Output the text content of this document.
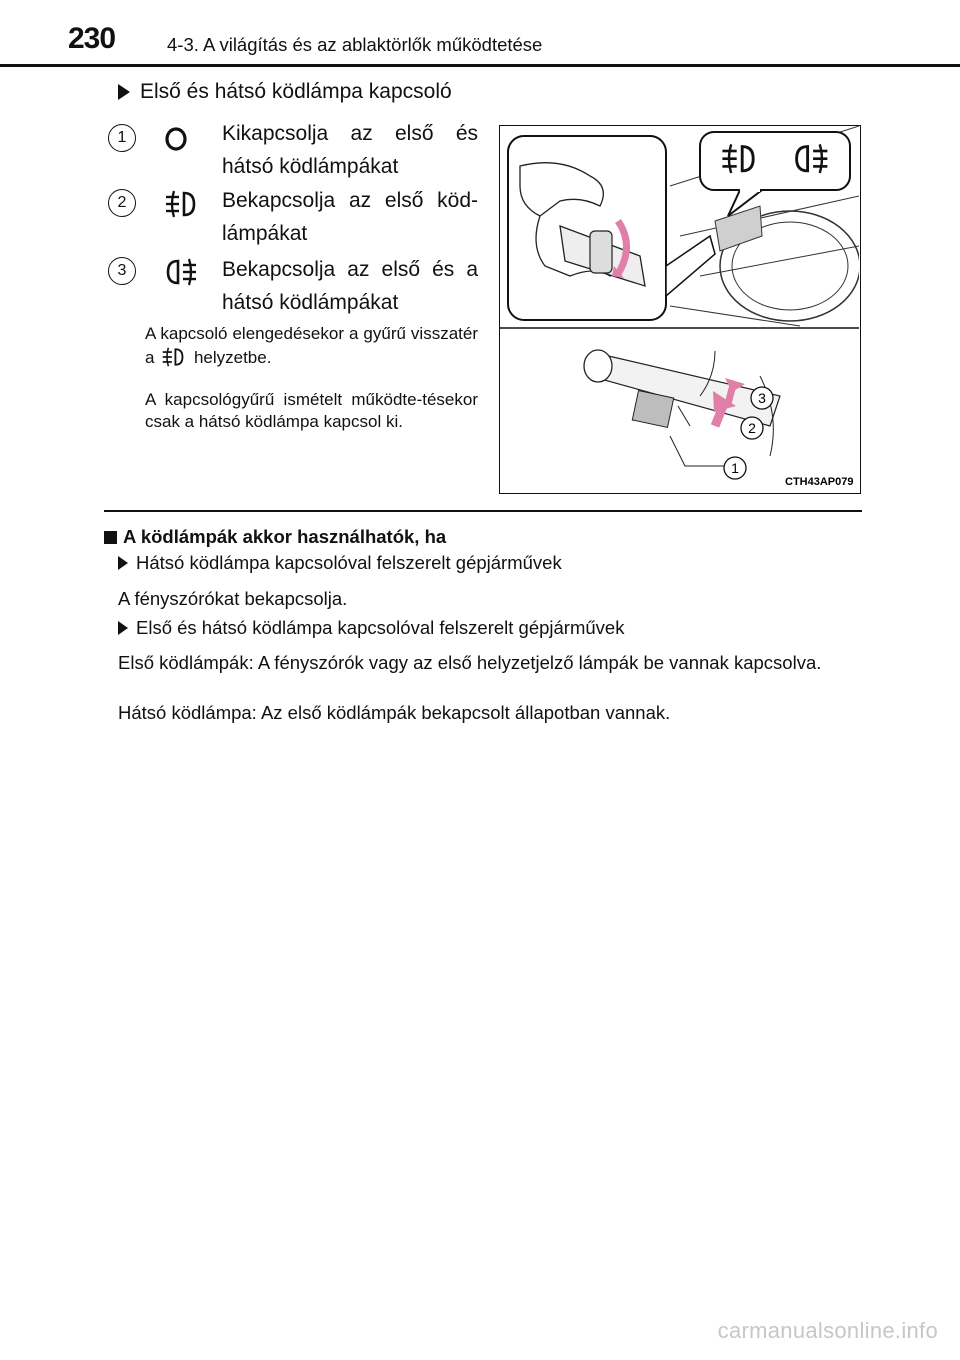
230	4-3. A világítás és az ablaktörlők működtetése
Első és hátsó ködlámpa kapcsoló
1	Kikapcsolja az első és hátsó ködlámpákat
2	Bekapcsolja az első köd-lámpákat
3	Bekapcsolja az első és a hátsó ködlámpákat
A kapcsoló elengedésekor a gyűrű visszatér a helyzetbe.
A kapcsológyűrű ismételt működte-tésekor csak a hátsó ködlámpa kapcsol ki.
3
2
1
CTH43AP079
A ködlámpák akkor használhatók, ha
Hátsó ködlámpa kapcsolóval felszerelt gépjárművek
A fényszórókat bekapcsolja.
Első és hátsó ködlámpa kapcsolóval felszerelt gépjárművek
Első ködlámpák: A fényszórók vagy az első helyzetjelző lámpák be vannak kapcsolva.
Hátsó ködlámpa: Az első ködlámpák bekapcsolt állapotban vannak.
carmanualsonline.info
